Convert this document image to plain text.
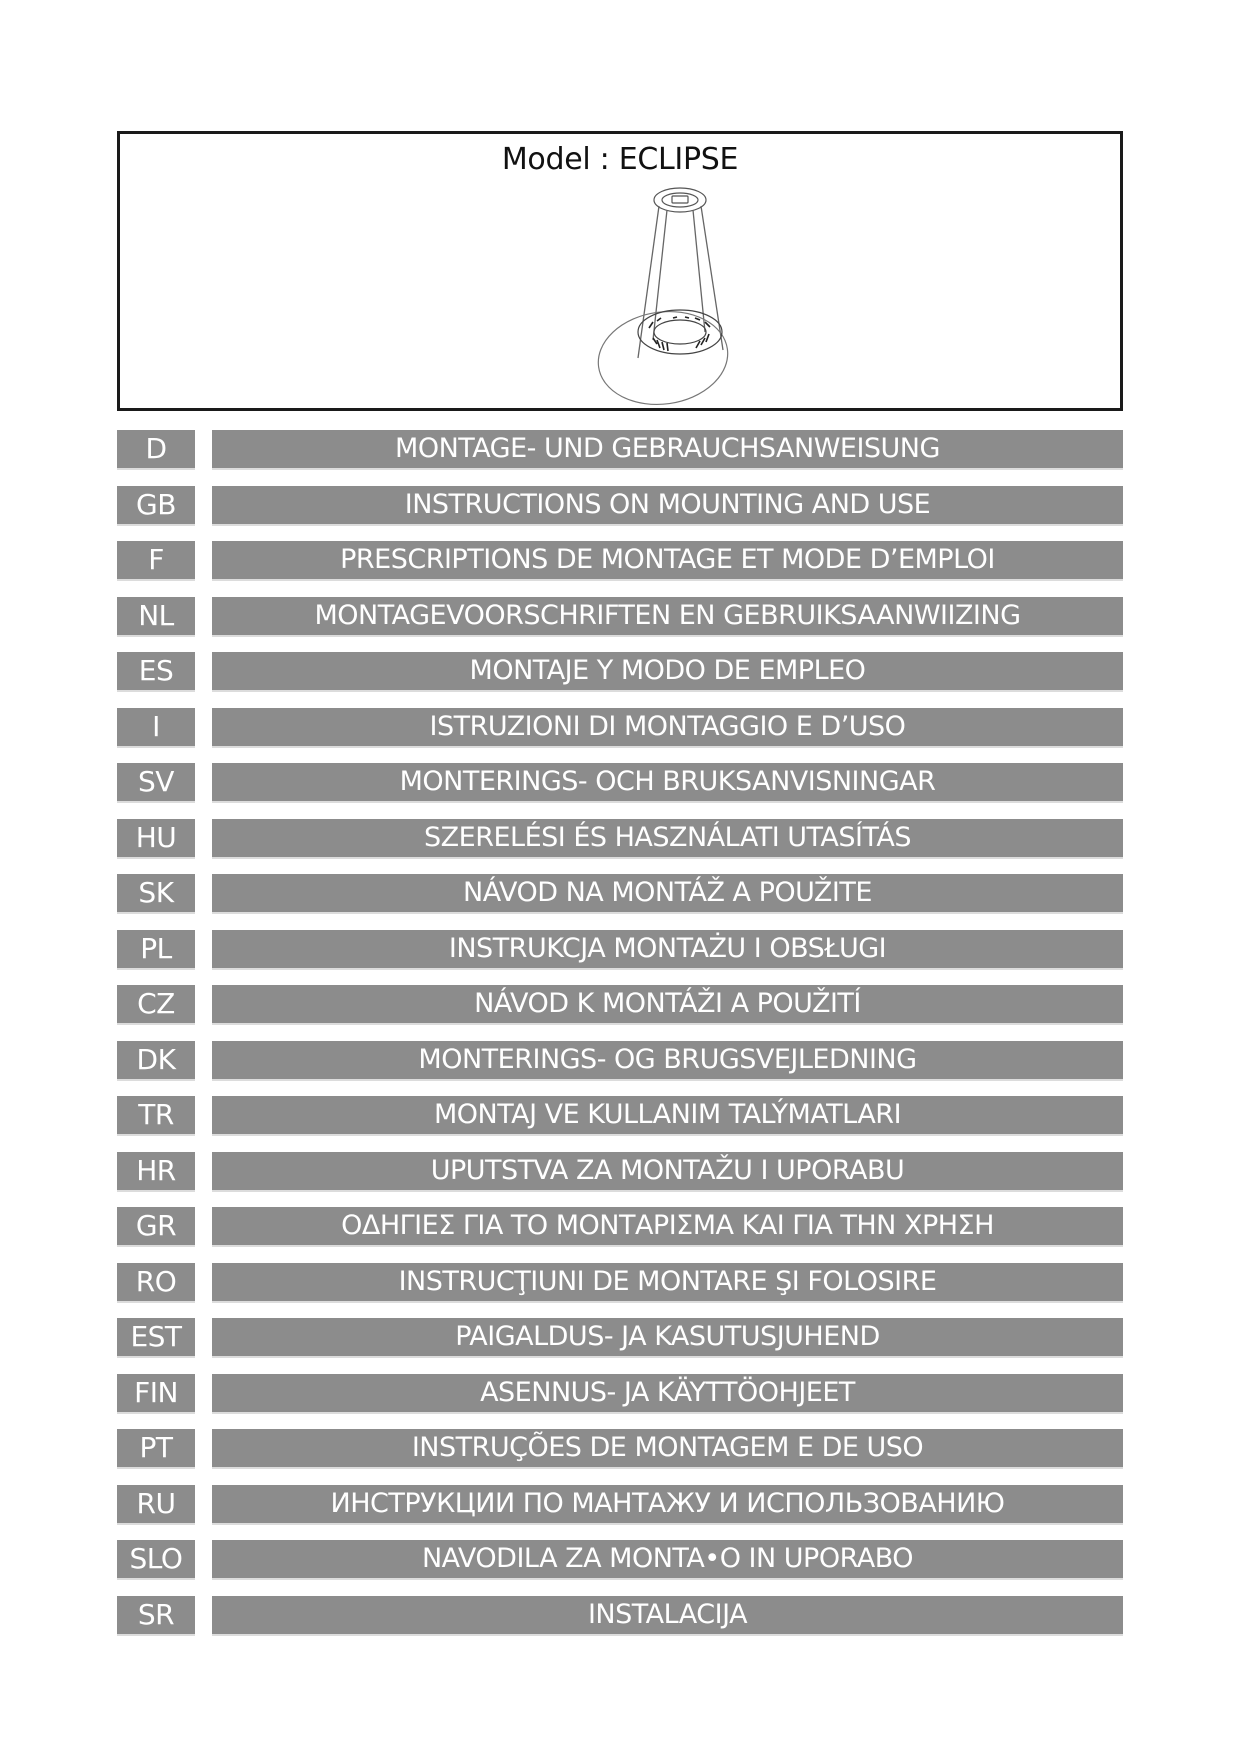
Model : ECLIPSE
D	MONTAGE- UND GEBRAUCHSANWEISUNG
GB	INSTRUCTIONS ON MOUNTING AND USE
F	PRESCRIPTIONS DE MONTAGE ET MODE D’EMPLOI
NL	MONTAGEVOORSCHRIFTEN EN GEBRUIKSAANWIIZING
ES	MONTAJE Y MODO DE EMPLEO
I	ISTRUZIONI DI MONTAGGIO E D’USO
SV	MONTERINGS- OCH BRUKSANVISNINGAR
HU	SZERELÉSI ÉS HASZNÁLATI UTASÍTÁS
SK	NÁVOD NA MONTÁŽ A POUŽITE
PL	INSTRUKCJA MONTAŻU I OBSŁUGI
CZ	NÁVOD K MONTÁŽI A POUŽITÍ
DK	MONTERINGS- OG BRUGSVEJLEDNING
TR	MONTAJ VE KULLANIM TALÝMATLARI
HR	UPUTSTVA ZA MONTAŽU I UPORABU
GR	ΟΔΗΓΙΕΣ ΓΙΑ ΤΟ ΜΟΝΤΑΡΙΣΜΑ ΚΑΙ ΓΙΑ ΤΗΝ ΧΡΗΣΗ
RO	INSTRUCŢIUNI DE MONTARE ŞI FOLOSIRE
EST	PAIGALDUS- JA KASUTUSJUHEND
FIN	ASENNUS- JA KÄYTTÖOHJEET
PT	INSTRUÇÕES DE MONTAGEM E DE USO
RU	ИНСТРУКЦИИ ПО МАНТАЖУ И ИСПОЛЬЗОВАНИЮ
SLO	NAVODILA ZA MONTA•O IN UPORABO
SR	INSTALACIJA
